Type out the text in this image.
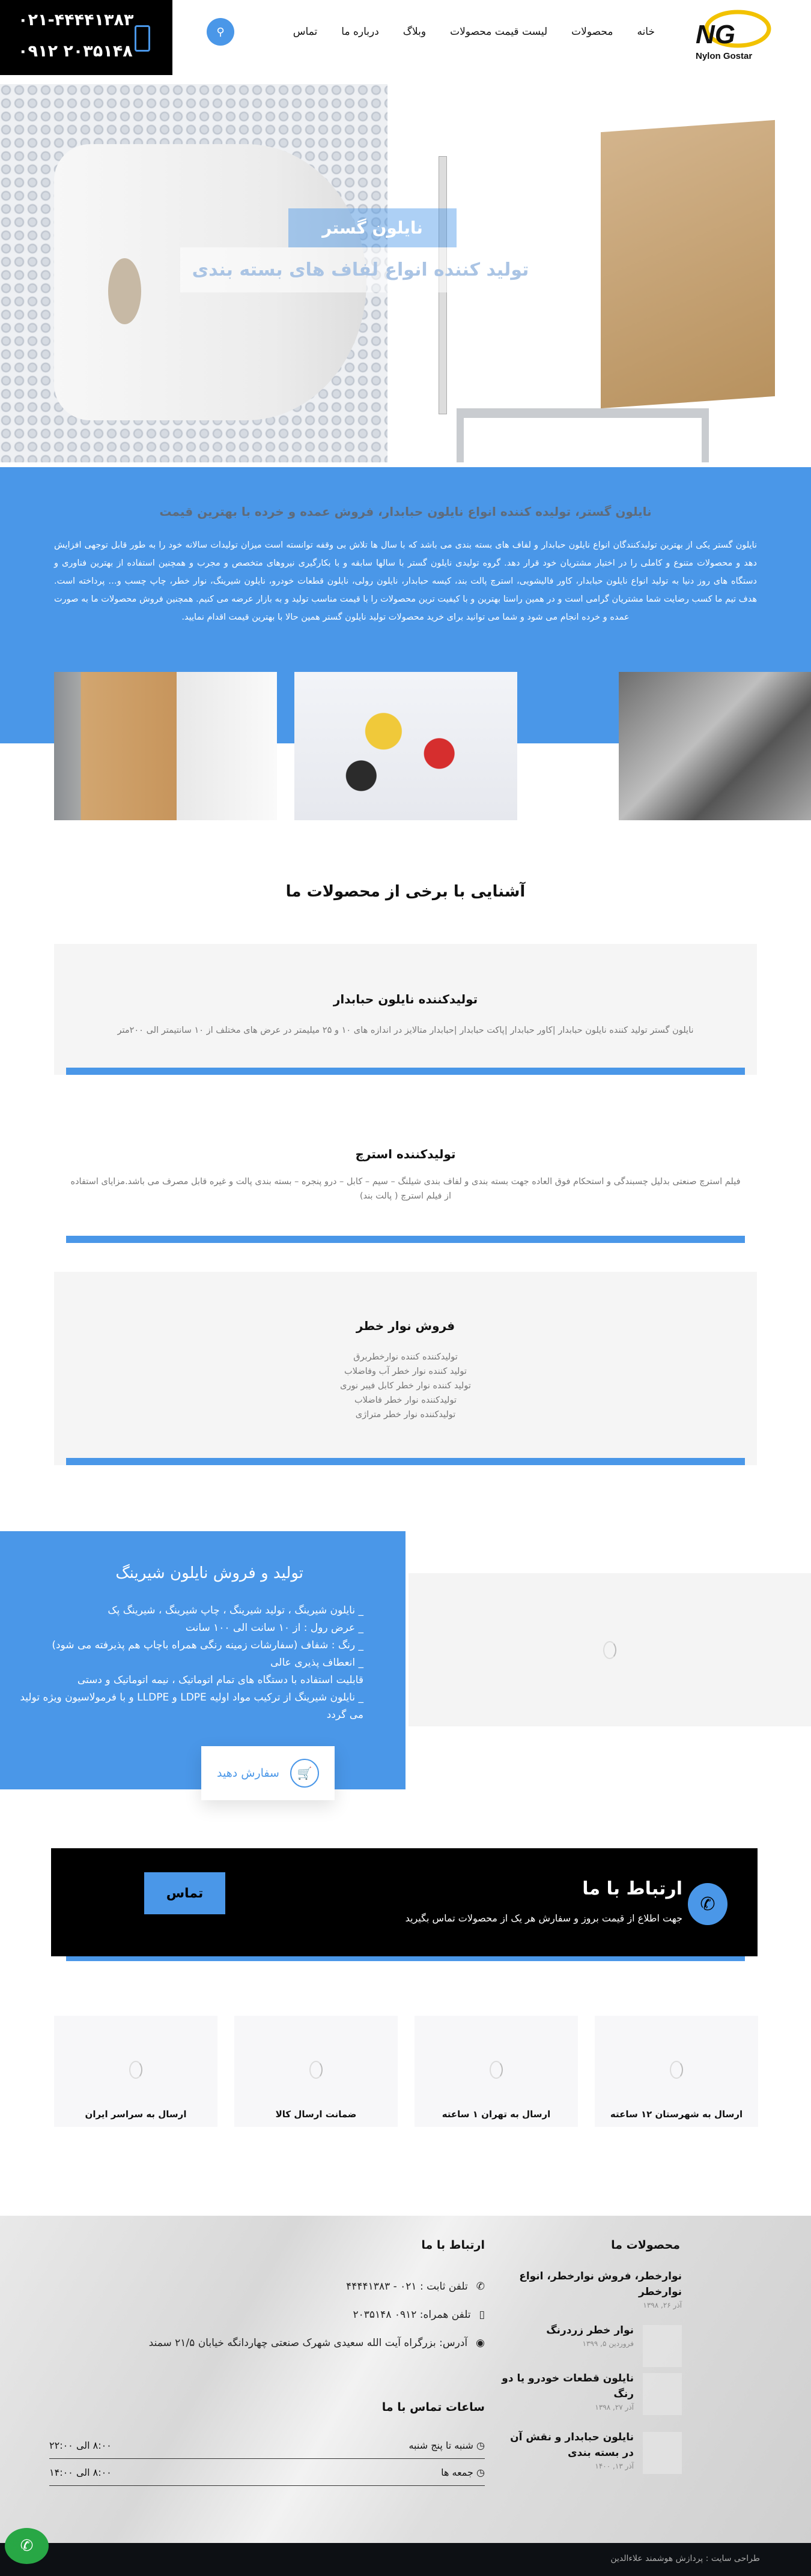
۰۲۱-۴۴۴۴۱۳۸۳
۰۹۱۲ ۲۰۳۵۱۴۸
NG
Nylon Gostar
خانه
محصولات
لیست قیمت محصولات
وبلاگ
درباره ما
تماس
⚲
نایلون گستر
تولید کننده انواع لفاف های بسته بندی
نایلون گستر، تولیده کننده انواع نایلون حبابدار، فروش عمده و خرده با بهترین قیمت

نایلون گستر یکی از بهترین تولیدکنندگان انواع نایلون حبابدار و لفاف های بسته بندی می باشد که با سال ها تلاش بی وقفه توانسته است میزان تولیدات سالانه خود را به طور قابل توجهی افزایش دهد و محصولات متنوع و کاملی را در اختیار مشتریان خود قرار دهد. گروه تولیدی نایلون گستر با سالها سابقه و با بکارگیری نیروهای متخصص و مجرب و همچنین استفاده از بهترین فناوری و دستگاه های روز دنیا به تولید انواع نایلون حبابدار، کاور فالیشویی، استرچ پالت بند، کیسه حبابدار، نایلون رولی، نایلون قطعات خودرو، نایلون شیرینگ، نوار خطر، چاپ چسب و… پرداخته است. هدف تیم ما کسب رضایت شما مشتریان گرامی است و در همین راستا بهترین و با کیفیت ترین محصولات را با قیمت مناسب تولید و به بازار عرضه می کنیم. همچنین فروش محصولات ما به صورت عمده و خرده انجام می شود و شما می توانید برای خرید محصولات تولید نایلون گستر همین حالا با بهترین قیمت اقدام نمایید.

آشنایی با برخی از محصولات ما
تولیدکننده نایلون حبابدار

نایلون گستر تولید کننده نایلون حبابدار |کاور حبابدار |پاکت حبابدار |حبابدار متالایز در اندازه های ۱۰ و ۲۵ میلیمتر در عرض های مختلف از ۱۰ سانتیمتر الی ۲۰۰متر

تولیدکننده استرچ

فیلم استرچ صنعتی بدلیل چسبندگی و استحکام فوق العاده جهت بسته بندی و لفاف بندی شیلنگ – سیم – کابل – درو پنجره – بسته بندی پالت و غیره قابل مصرف می باشد.مزایای استفاده از فیلم استرچ ( پالت بند)

فروش نوار خطر

تولیدکننده کننده نوارخطربرق

تولید کننده نوار خطر آب وفاضلاب

تولید کننده نوار خطر کابل فیبر نوری

تولیدکننده نوار خطر فاضلاب

تولیدکننده نوار خطر متراژی

تولید و فروش نایلون شیرینگ
_ نایلون شیرینگ ، تولید شیرینگ ، چاپ شیرینگ ، شیرینگ پک
_ عرض رول : از ۱۰ سانت الی ۱۰۰ سانت
_ رنگ : شفاف (سفارشات زمینه رنگی همراه باچاپ هم پذیرفته می شود)
_ انعطاف پذیری عالی
قابلیت استفاده با دستگاه های تمام اتوماتیک ، نیمه اتوماتیک و دستی
_ نایلون شیرینگ از ترکیب مواد اولیه LDPE و LLDPE و با فرمولاسیون ویژه تولید می گردد
🛒
سفارش دهید
✆
ارتباط با ما

جهت اطلاع از قیمت بروز و سفارش هر یک از محصولات تماس بگیرید

تماس
ارسال به شهرستان ۱۲ ساعته
ارسال به تهران ۱ ساعته
ضمانت ارسال کالا
ارسال به سراسر ایران
محصولات ما
نوارخطر، فروش نوارخطر، انواع نوارخطر
آذر ۲۶, ۱۳۹۸
نوار خطر زردرنگ
فروردین ۵, ۱۳۹۹
نایلون قطعات خودرو یا دو رنگ
آذر ۲۷, ۱۳۹۸
نایلون حبابدار و نقش آن در بسته بندی
آذر ۱۳, ۱۴۰۰
ارتباط با ما
✆
تلفن ثابت : ۰۲۱ - ۴۴۴۴۱۳۸۳
▯
تلفن همراه: ۰۹۱۲ ۲۰۳۵۱۴۸
◉
آدرس: بزرگراه آیت الله سعیدی شهرک صنعتی چهاردانگه خیابان ۲۱/۵ سمند
ساعات تماس با ما
◷ شنبه تا پنج شنبه
۸:۰۰ الی ۲۲:۰۰
◷ جمعه ها
۸:۰۰ الی ۱۴:۰۰
طراحی سایت : پردازش هوشمند علاءالدین
✆
